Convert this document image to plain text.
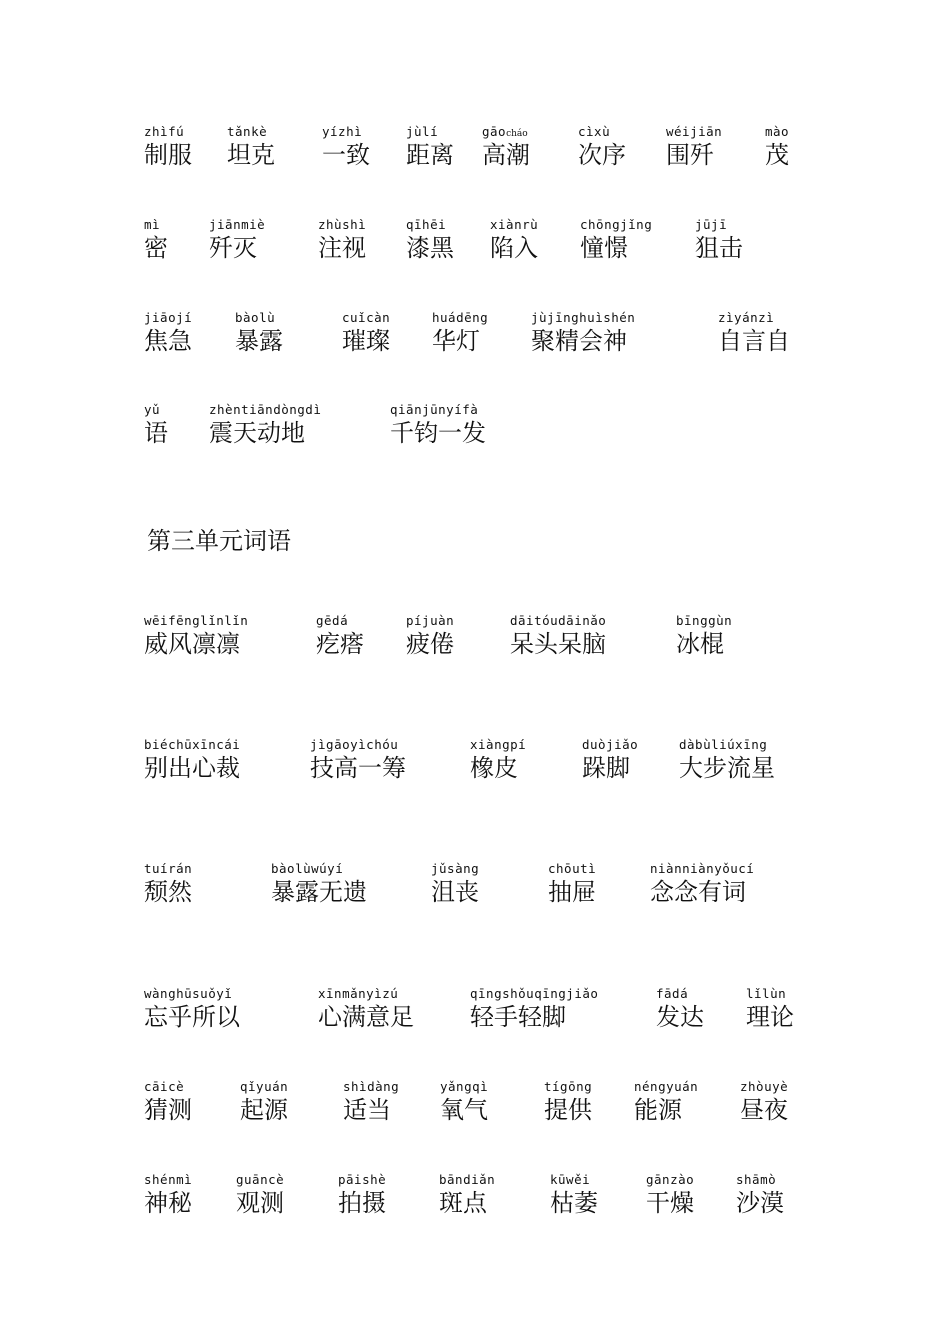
zhìfú
制服
tǎnkè
坦克
yízhì
一致
jùlí
距离
gāocháo
高潮
cìxù
次序
wéijiān
围歼
mào
茂
mì
密
jiānmiè
歼灭
zhùshì
注视
qīhēi
漆黑
xiànrù
陷入
chōngjǐng
憧憬
jūjī
狙击
jiāojí
焦急
bàolù
暴露
cuǐcàn
璀璨
huádēng
华灯
jùjīnghuìshén
聚精会神
zìyánzì
自言自
yǔ
语
zhèntiāndòngdì
震天动地
qiānjūnyífà
千钧一发
第三单元词语
wēifēnglǐnlǐn
威风凛凛
gēdá
疙瘩
píjuàn
疲倦
dāitóudāinǎo
呆头呆脑
bīnggùn
冰棍
biéchūxīncái
别出心裁
jìgāoyìchóu
技高一筹
xiàngpí
橡皮
duòjiǎo
跺脚
dàbùliúxīng
大步流星
tuírán
颓然
bàolùwúyí
暴露无遗
jǔsàng
沮丧
chōutì
抽屉
niànniànyǒucí
念念有词
wànghūsuǒyǐ
忘乎所以
xīnmǎnyìzú
心满意足
qīngshǒuqīngjiǎo
轻手轻脚
fādá
发达
lǐlùn
理论
cāicè
猜测
qǐyuán
起源
shìdàng
适当
yǎngqì
氧气
tígōng
提供
néngyuán
能源
zhòuyè
昼夜
shénmì
神秘
guāncè
观测
pāishè
拍摄
bāndiǎn
斑点
kūwěi
枯萎
gānzào
干燥
shāmò
沙漠
